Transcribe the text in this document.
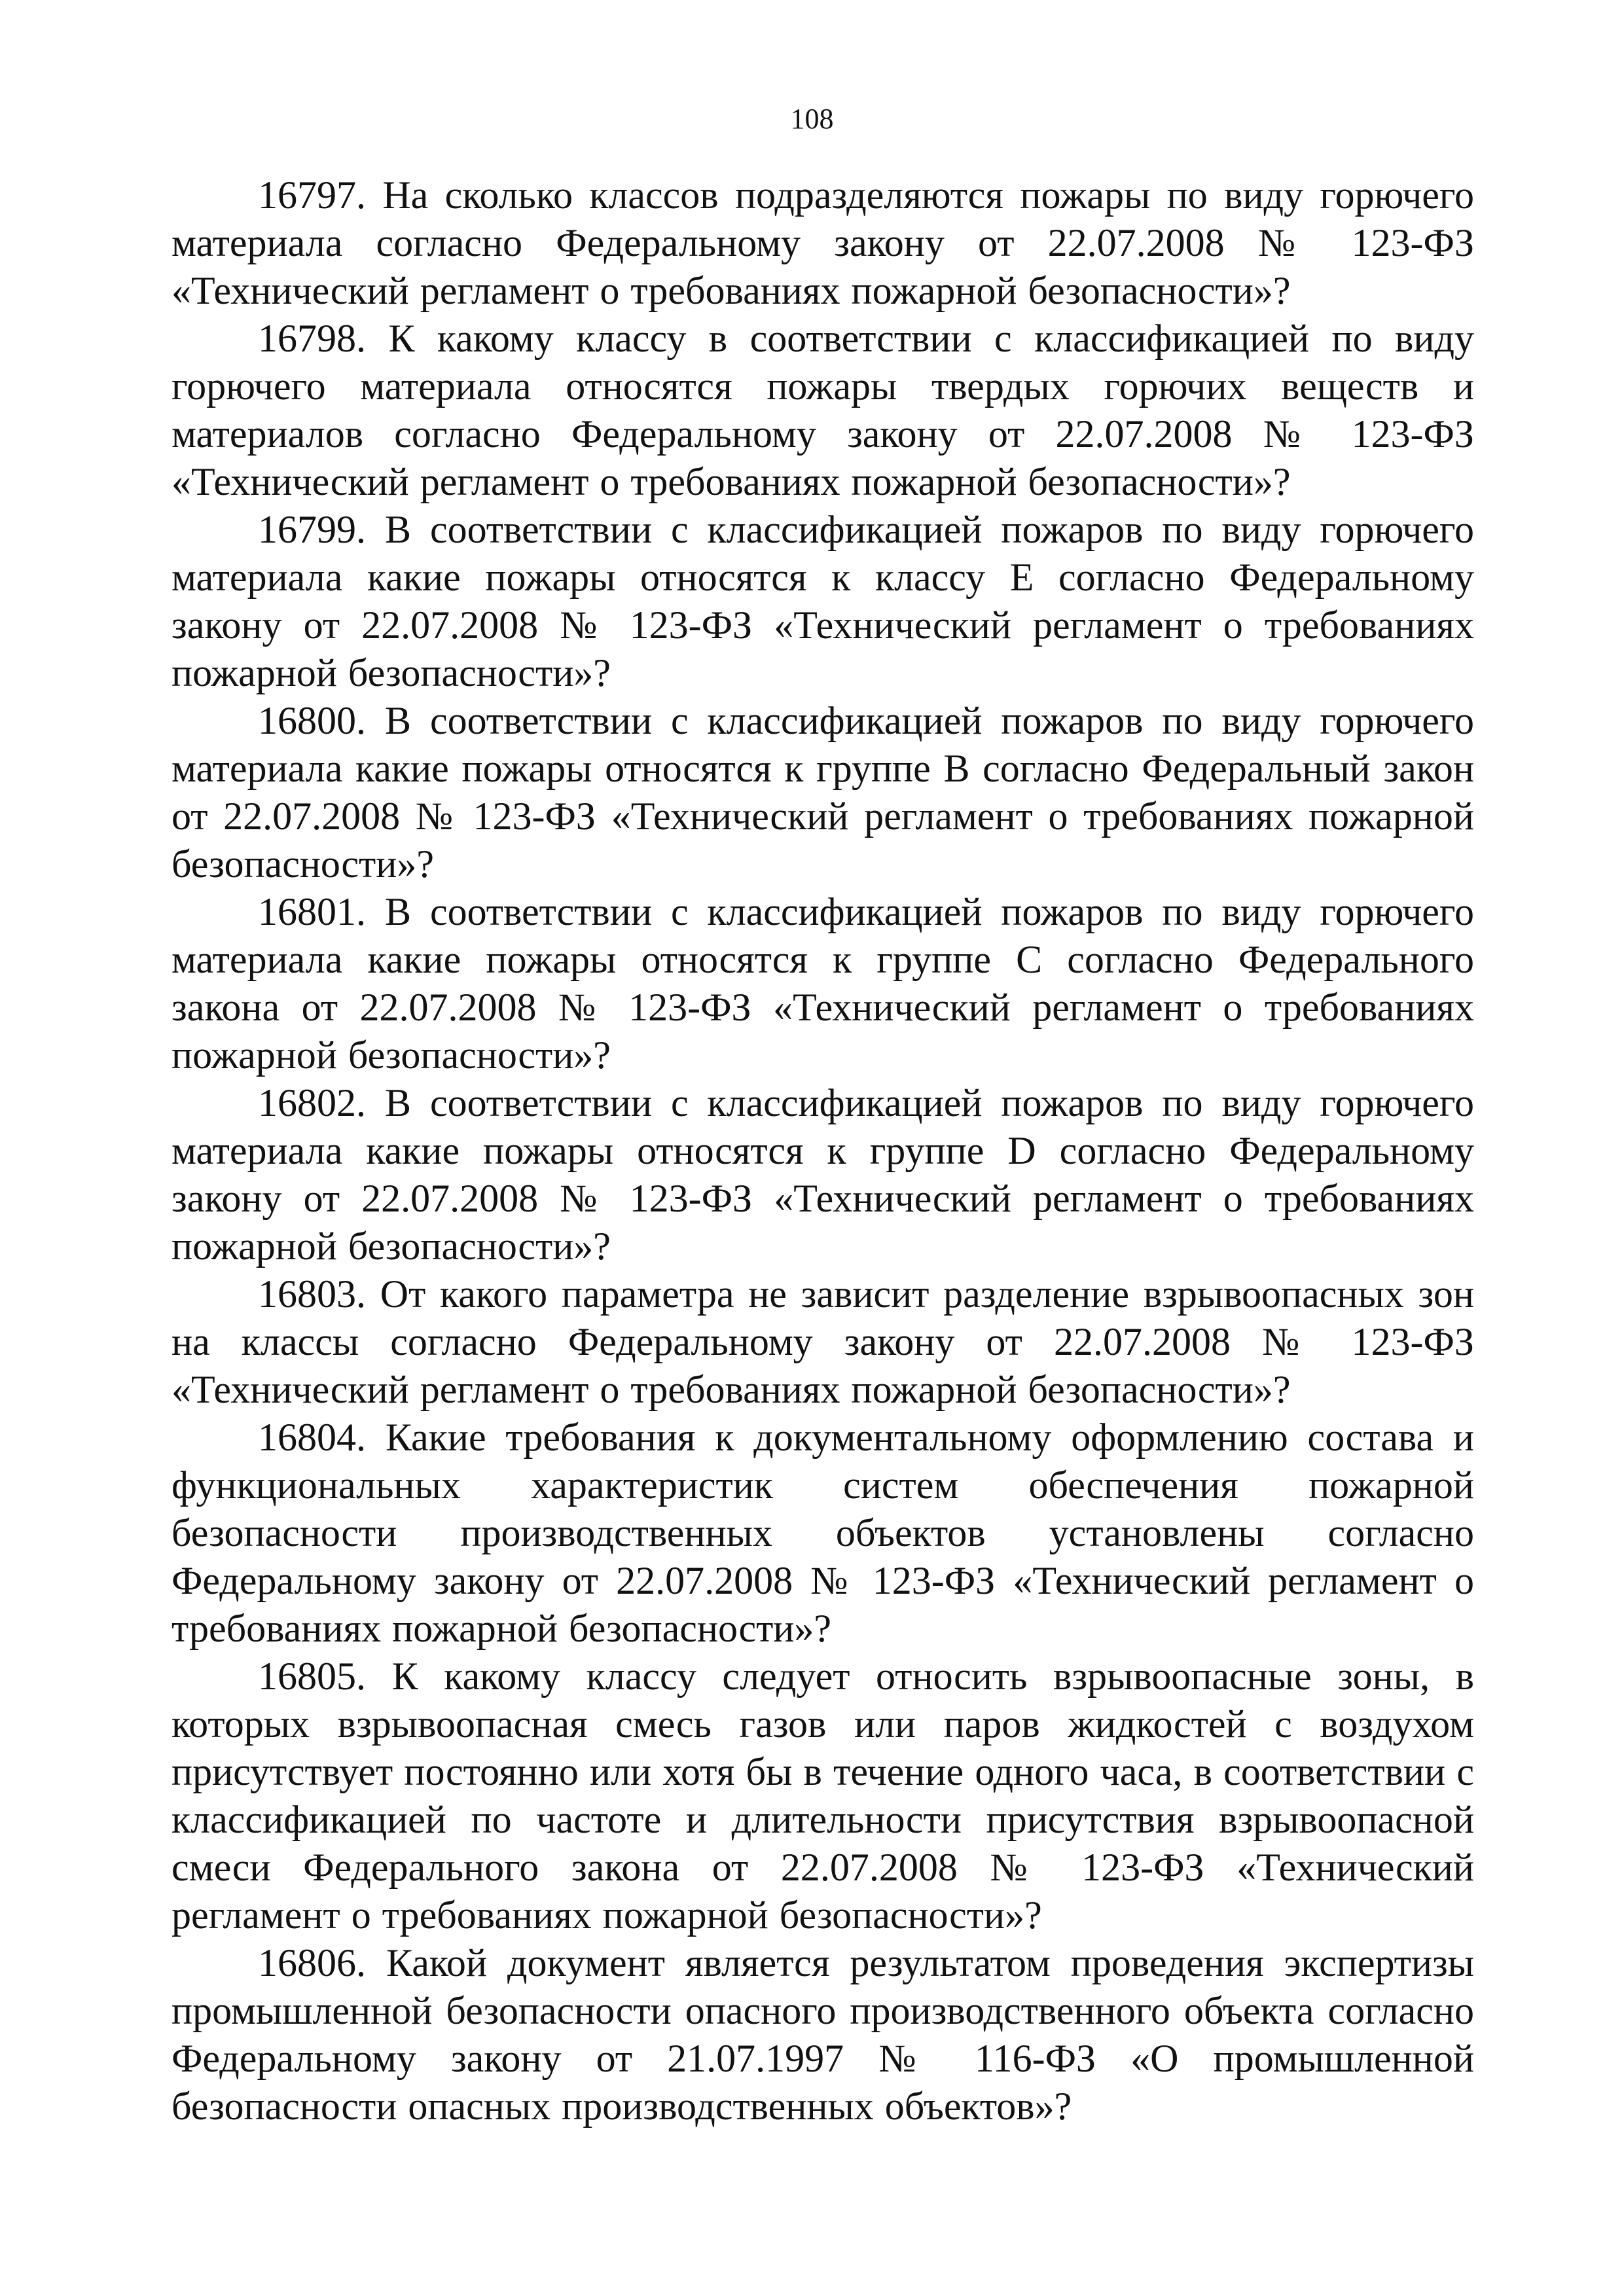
108

16797. На сколько классов подразделяются пожары по виду горючего материала согласно Федеральному закону от 22.07.2008 № 123-ФЗ «Технический регламент о требованиях пожарной безопасности»?

16798. К какому классу в соответствии с классификацией по виду горючего материала относятся пожары твердых горючих веществ и материалов согласно Федеральному закону от 22.07.2008 № 123-ФЗ «Технический регламент о требованиях пожарной безопасности»?

16799. В соответствии с классификацией пожаров по виду горючего материала какие пожары относятся к классу Е согласно Федеральному закону от 22.07.2008 № 123-ФЗ «Технический регламент о требованиях пожарной безопасности»?

16800. В соответствии с классификацией пожаров по виду горючего материала какие пожары относятся к группе В согласно Федеральный закон от 22.07.2008 № 123-ФЗ «Технический регламент о требованиях пожарной безопасности»?

16801. В соответствии с классификацией пожаров по виду горючего материала какие пожары относятся к группе С согласно Федерального закона от 22.07.2008 № 123-ФЗ «Технический регламент о требованиях пожарной безопасности»?

16802. В соответствии с классификацией пожаров по виду горючего материала какие пожары относятся к группе D согласно Федеральному закону от 22.07.2008 № 123-ФЗ «Технический регламент о требованиях пожарной безопасности»?

16803. От какого параметра не зависит разделение взрывоопасных зон на классы согласно Федеральному закону от 22.07.2008 № 123-ФЗ «Технический регламент о требованиях пожарной безопасности»?

16804. Какие требования к документальному оформлению состава и функциональных характеристик систем обеспечения пожарной безопасности производственных объектов установлены согласно Федеральному закону от 22.07.2008 № 123-ФЗ «Технический регламент о требованиях пожарной безопасности»?

16805. К какому классу следует относить взрывоопасные зоны, в которых взрывоопасная смесь газов или паров жидкостей с воздухом присутствует постоянно или хотя бы в течение одного часа, в соответствии с классификацией по частоте и длительности присутствия взрывоопасной смеси Федерального закона от 22.07.2008 № 123-ФЗ «Технический регламент о требованиях пожарной безопасности»?

16806. Какой документ является результатом проведения экспертизы промышленной безопасности опасного производственного объекта согласно Федеральному закону от 21.07.1997 № 116-ФЗ «О промышленной безопасности опасных производственных объектов»?
